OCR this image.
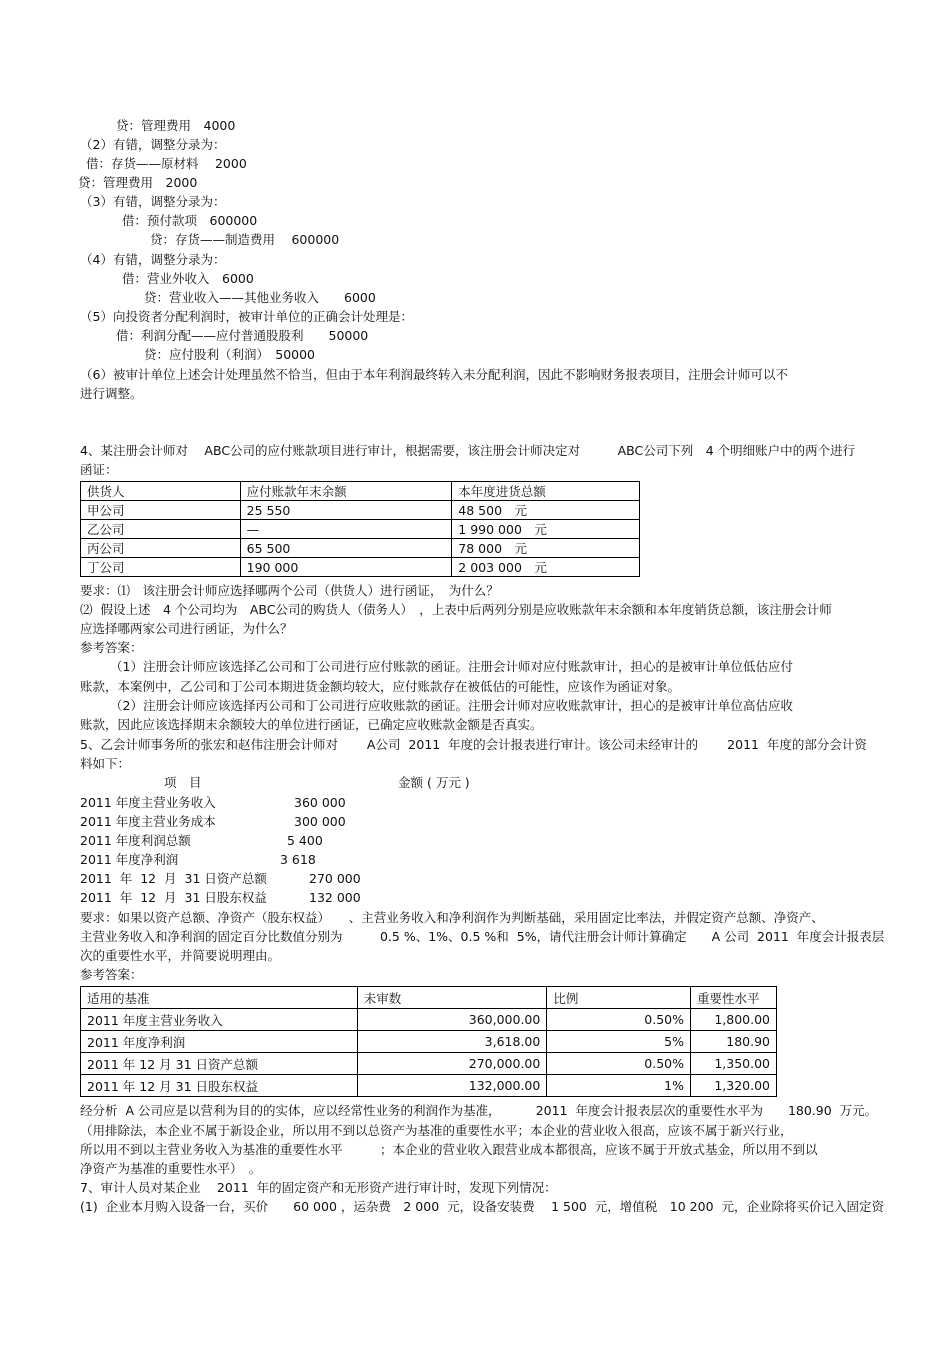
贷：管理费用　4000
（2）有错，调整分录为：
借：存货——原材料　 2000
贷：管理费用　2000
（3）有错，调整分录为：
借：预付款项　600000
贷：存货——制造费用　 600000
（4）有错，调整分录为：
借：营业外收入　6000
贷：营业收入——其他业务收入　　6000
（5）向投资者分配利润时，被审计单位的正确会计处理是：
借：利润分配——应付普通股股利　　50000
贷：应付股利（利润）　50000
（6）被审计单位上述会计处理虽然不恰当，但由于本年利润最终转入未分配利润，因此不影响财务报表项目，注册会计师可以不
进行调整。
4、某注册会计师对　 ABC公司的应付账款项目进行审计，根据需要，该注册会计师决定对　　　ABC公司下列　4 个明细账户中的两个进行
函证：
供货人	应付账款年末余额	本年度进货总额
甲公司	25 550	48 500　元
乙公司	—	1 990 000　元
丙公司	65 500	78 000　元
丁公司	190 000	2 003 000　元
要求：⑴　该注册会计师应选择哪两个公司（供货人）进行函证，　为什么？
⑵  假设上述　4 个公司均为　ABC公司的购货人（债务人）　，上表中后两列分别是应收账款年末余额和本年度销货总额，该注册会计师
应选择哪两家公司进行函证，为什么？
参考答案：
（1）注册会计师应该选择乙公司和丁公司进行应付账款的函证。注册会计师对应付账款审计，担心的是被审计单位低估应付
账款，本案例中，乙公司和丁公司本期进货金额均较大，应付账款存在被低估的可能性，应该作为函证对象。
（2）注册会计师应该选择丙公司和丁公司进行应收账款的函证。注册会计师对应收账款审计，担心的是被审计单位高估应收
账款，因此应该选择期末余额较大的单位进行函证，已确定应收账款金额是否真实。
5、乙会计师事务所的张宏和赵伟注册会计师对　　 A公司  2011  年度的会计报表进行审计。该公司未经审计的　　 2011  年度的部分会计资
料如下：
项　目	金额 ( 万元 )
2011 年度主营业务收入	360 000
2011 年度主营业务成本	300 000
2011 年度利润总额	5 400
2011 年度净利润	3 618
2011  年  12  月  31 日资产总额	270 000
2011  年  12  月  31 日股东权益	132 000
要求：如果以资产总额、净资产（股东权益）　　、主营业务收入和净利润作为判断基础，采用固定比率法，并假定资产总额、净资产、
主营业务收入和净利润的固定百分比数值分别为　　　0.5 %、1%、0.5 %和  5%，请代注册会计师计算确定　　A 公司  2011  年度会计报表层
次的重要性水平，并简要说明理由。
参考答案：
适用的基准	未审数	比例	重要性水平
2011 年度主营业务收入	360,000.00	0.50%	1,800.00
2011 年度净利润	3,618.00	5%	180.90
2011 年 12 月 31 日资产总额	270,000.00	0.50%	1,350.00
2011 年 12 月 31 日股东权益	132,000.00	1%	1,320.00
经分析  A 公司应是以营利为目的的实体，应以经常性业务的利润作为基准，　　　 2011  年度会计报表层次的重要性水平为　　180.90  万元。
（用排除法，本企业不属于新设企业，所以用不到以总资产为基准的重要性水平；本企业的营业收入很高，应该不属于新兴行业，
所以用不到以主营业务收入为基准的重要性水平　　　；本企业的营业收入跟营业成本都很高，应该不属于开放式基金，所以用不到以
净资产为基准的重要性水平）　。
7、审计人员对某企业　 2011  年的固定资产和无形资产进行审计时，发现下列情况：
(1)  企业本月购入设备一台，买价　　60 000 ，运杂费　2 000  元，设备安装费　 1 500  元，增值税　10 200  元，企业除将买价记入固定资
